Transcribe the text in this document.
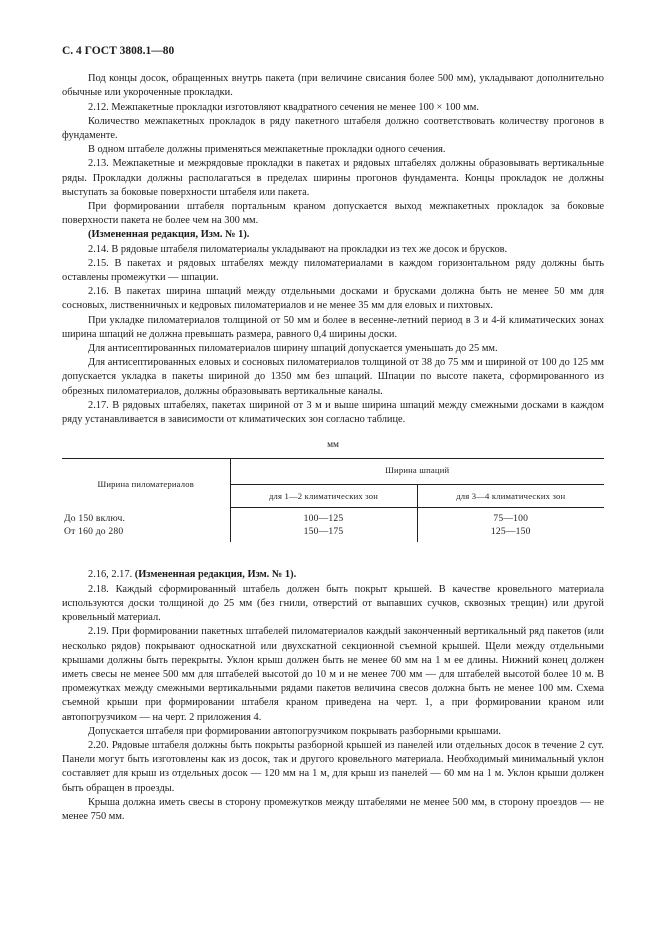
С. 4 ГОСТ 3808.1—80

Под концы досок, обращенных внутрь пакета (при величине свисания более 500 мм), укладывают дополнительно обычные или укороченные прокладки.

2.12. Межпакетные прокладки изготовляют квадратного сечения не менее 100 × 100 мм.

Количество межпакетных прокладок в ряду пакетного штабеля должно соответствовать количеству прогонов в фундаменте.

В одном штабеле должны применяться межпакетные прокладки одного сечения.

2.13. Межпакетные и межрядовые прокладки в пакетах и рядовых штабелях должны образовывать вертикальные ряды. Прокладки должны располагаться в пределах ширины прогонов фундамента. Концы прокладок не должны выступать за боковые поверхности штабеля или пакета.

При формировании штабеля портальным краном допускается выход межпакетных прокладок за боковые поверхности пакета не более чем на 300 мм.

(Измененная редакция, Изм. № 1).

2.14. В рядовые штабеля пиломатериалы укладывают на прокладки из тех же досок и брусков.

2.15. В пакетах и рядовых штабелях между пиломатериалами в каждом горизонтальном ряду должны быть оставлены промежутки — шпации.

2.16. В пакетах ширина шпаций между отдельными досками и брусками должна быть не менее 50 мм для сосновых, лиственничных и кедровых пиломатериалов и не менее 35 мм для еловых и пихтовых.

При укладке пиломатериалов толщиной от 50 мм и более в весенне-летний период в 3 и 4-й климатических зонах ширина шпаций не должна превышать размера, равного 0,4 ширины доски.

Для антисептированных пиломатериалов ширину шпаций допускается уменьшать до 25 мм.

Для антисептированных еловых и сосновых пиломатериалов толщиной от 38 до 75 мм и шириной от 100 до 125 мм допускается укладка в пакеты шириной до 1350 мм без шпаций. Шпации по высоте пакета, сформированного из обрезных пиломатериалов, должны образовывать вертикальные каналы.

2.17. В рядовых штабелях, пакетах шириной от 3 м и выше ширина шпаций между смежными досками в каждом ряду устанавливается в зависимости от климатических зон согласно таблице.

мм
Ширина пиломатериалов	Ширина шпаций	
	для 1—2 климатических зон	для 3—4 климатических зон
До 150 включ.	100—125	75—100
От 160 до 280	150—175	125—150

2.16, 2.17. (Измененная редакция, Изм. № 1).

2.18. Каждый сформированный штабель должен быть покрыт крышей. В качестве кровельного материала используются доски толщиной до 25 мм (без гнили, отверстий от выпавших сучков, сквозных трещин) или другой кровельный материал.

2.19. При формировании пакетных штабелей пиломатериалов каждый законченный вертикальный ряд пакетов (или несколько рядов) покрывают однoскатной или двухскатной секционной съемной крышей. Щели между отдельными крышами должны быть перекрыты. Уклон крыш должен быть не менее 60 мм на 1 м ее длины. Нижний конец должен иметь свесы не менее 500 мм для штабелей высотой до 10 м и не менее 700 мм — для штабелей высотой более 10 м. В промежутках между смежными вертикальными рядами пакетов величина свесов должна быть не менее 100 мм. Схема съемной крыши при формировании штабеля краном приведена на черт. 1, а при формировании краном или автопогрузчиком — на черт. 2 приложения 4.

Допускается штабеля при формировании автопогрузчиком покрывать разборными крышами.

2.20. Рядовые штабеля должны быть покрыты разборной крышей из панелей или отдельных досок в течение 2 сут. Панели могут быть изготовлены как из досок, так и другого кровельного материала. Необходимый минимальный уклон составляет для крыш из отдельных досок — 120 мм на 1 м, для крыш из панелей — 60 мм на 1 м. Уклон крыши должен быть обращен в проезды.

Крыша должна иметь свесы в сторону промежутков между штабелями не менее 500 мм, в сторону проездов — не менее 750 мм.
